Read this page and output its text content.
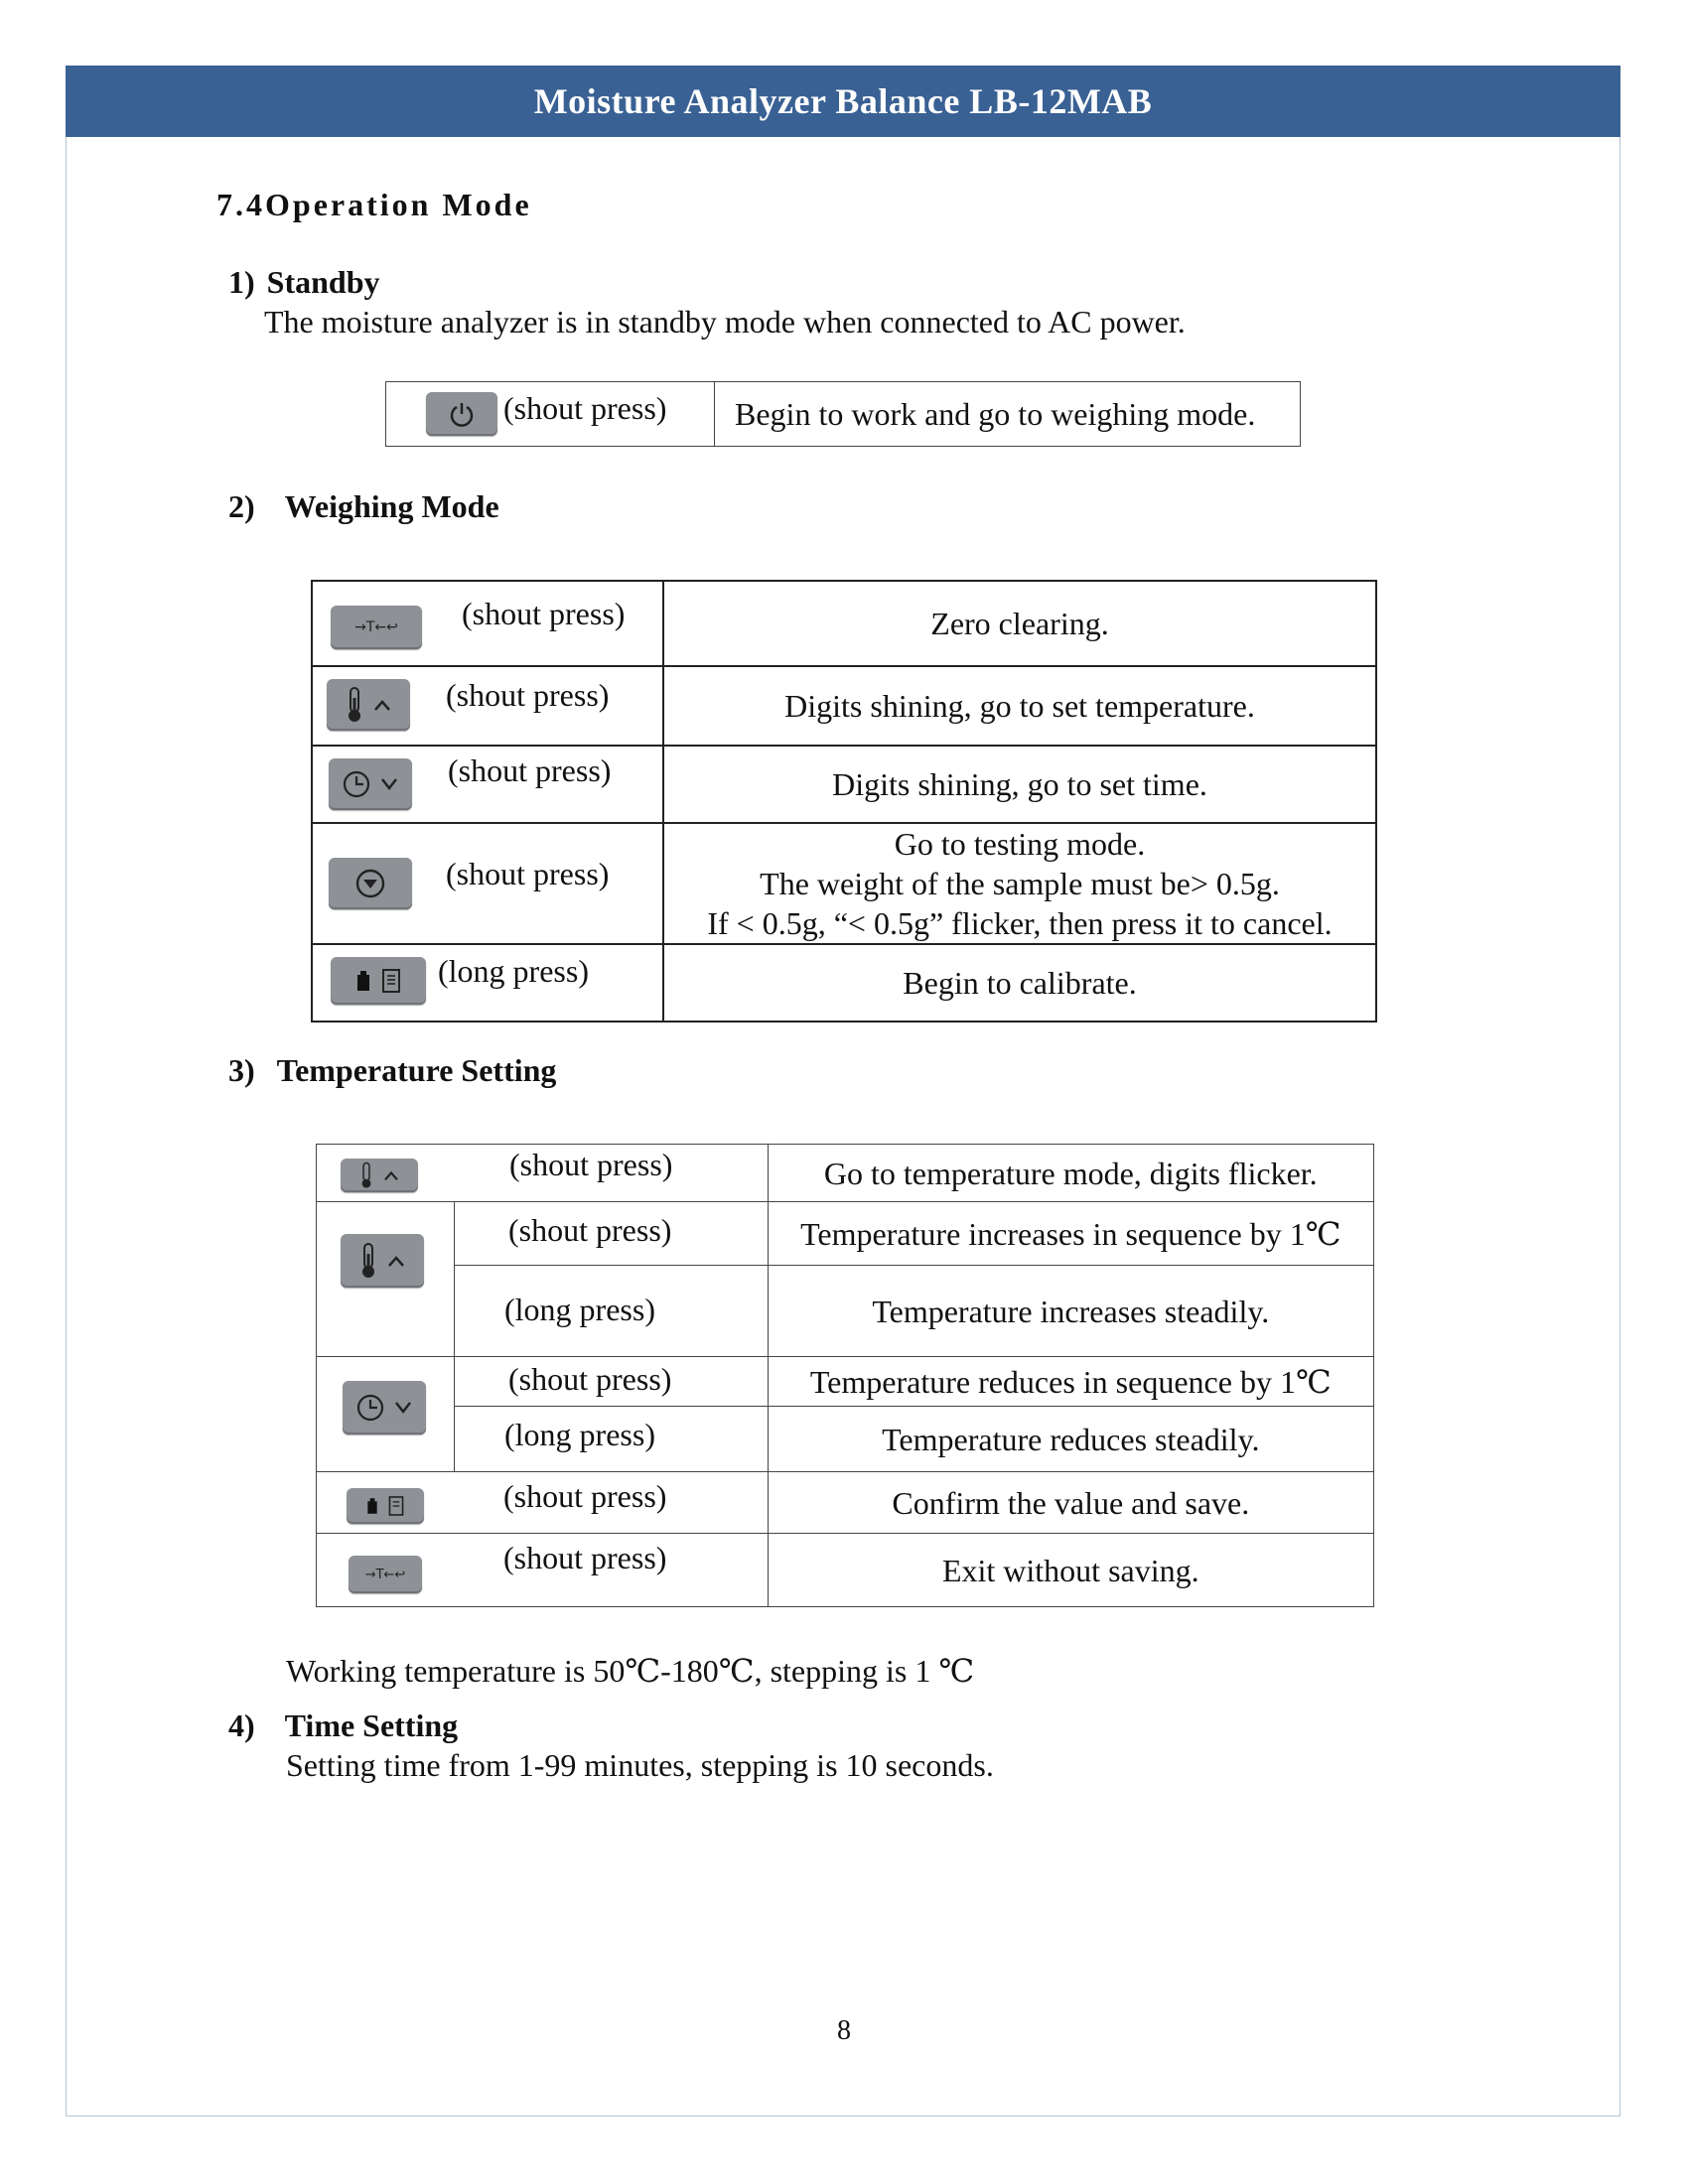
Moisture Analyzer Balance LB-12MAB
7.4Operation Mode
1) Standby
The moisture analyzer is in standby mode when connected to AC power.
(shout press)	Begin to work and go to weighing mode.
2) Weighing Mode
→T←↩ (shout press)	Zero clearing.

(shout press)	Digits shining, go to set temperature.

(shout press)	Digits shining, go to set time.

(shout press)	Go to testing mode.
The weight of the sample must be> 0.5g.
If < 0.5g, “< 0.5g” flicker, then press it to cancel.

(long press)	Begin to calibrate.
3) Temperature Setting
(shout press)		Go to temperature mode, digits flicker.

(shout press)	Temperature increases in sequence by 1℃

	(long press)	Temperature increases steadily.

(shout press)	Temperature reduces in sequence by 1℃

	(long press)	Temperature reduces steadily.

(shout press)		Confirm the value and save.

→T←↩ (shout press)		Exit without saving.
Working temperature is 50℃-180℃, stepping is 1 ℃
4) Time Setting
Setting time from 1-99 minutes, stepping is 10 seconds.
8
